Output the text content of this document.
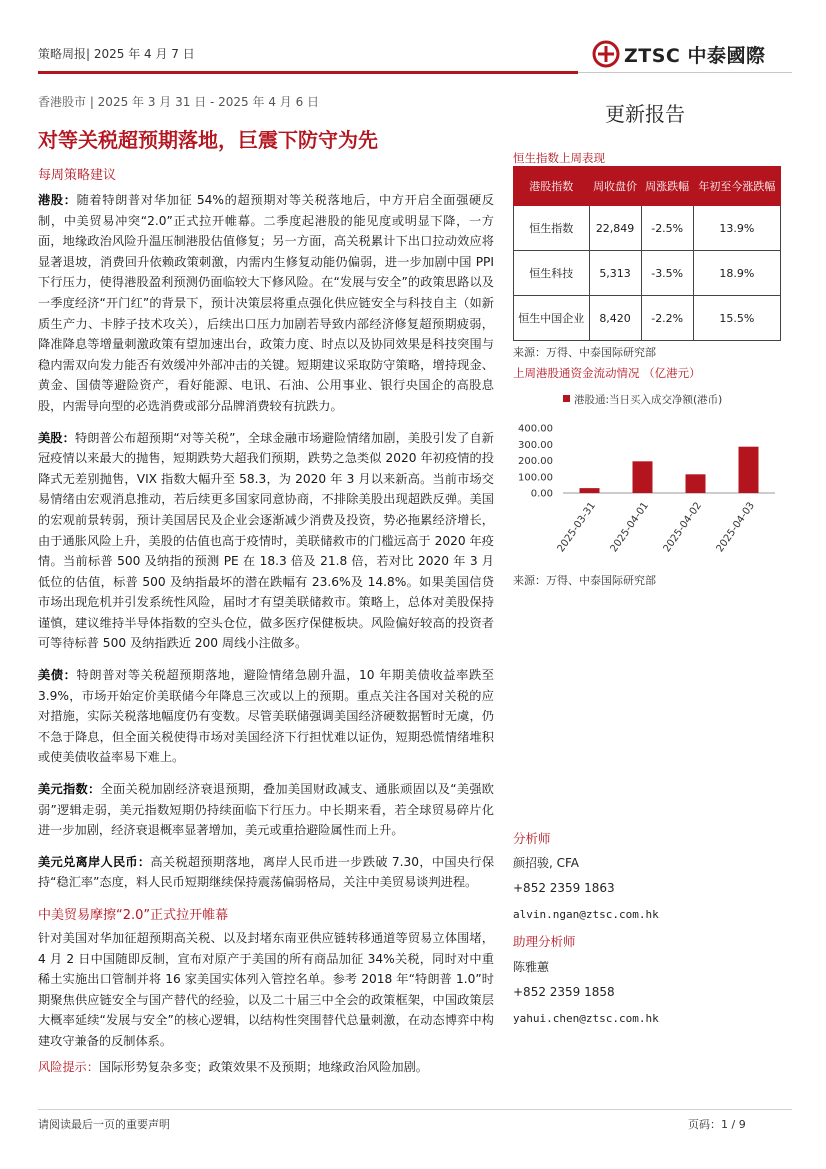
策略周报| 2025 年 4 月 7 日	ZTSC 中泰國際
香港股市 | 2025 年 3 月 31 日 - 2025 年 4 月 6 日	更新报告
对等关税超预期落地，巨震下防守为先
每周策略建议

港股：随着特朗普对华加征 54%的超预期对等关税落地后，中方开启全面强硬反制，中美贸易冲突“2.0”正式拉开帷幕。二季度起港股的能见度或明显下降，一方面，地缘政治风险升温压制港股估值修复；另一方面，高关税累计下出口拉动效应将显著退坡，消费回升依赖政策刺激，内需内生修复动能仍偏弱，进一步加剧中国 PPI 下行压力，使得港股盈利预测仍面临较大下修风险。在“发展与安全”的政策思路以及一季度经济“开门红”的背景下，预计决策层将重点强化供应链安全与科技自主（如新质生产力、卡脖子技术攻关），后续出口压力加剧若导致内部经济修复超预期疲弱，降准降息等增量刺激政策有望加速出台，政策力度、时点以及协同效果是科技突围与稳内需双向发力能否有效缓冲外部冲击的关键。短期建议采取防守策略，增持现金、黄金、国债等避险资产，看好能源、电讯、石油、公用事业、银行央国企的高股息股，内需导向型的必选消费或部分品牌消费较有抗跌力。

美股：特朗普公布超预期“对等关税”，全球金融市场避险情绪加剧，美股引发了自新冠疫情以来最大的抛售，短期跌势大超我们预期，跌势之急类似 2020 年初疫情的投降式无差别抛售，VIX 指数大幅升至 58.3，为 2020 年 3 月以来新高。当前市场交易情绪由宏观消息推动，若后续更多国家同意协商，不排除美股出现超跌反弹。美国的宏观前景转弱，预计美国居民及企业会逐渐减少消费及投资，势必拖累经济增长，由于通胀风险上升，美股的估值也高于疫情时，美联储救市的门槛远高于 2020 年疫情。当前标普 500 及纳指的预测 PE 在 18.3 倍及 21.8 倍，若对比 2020 年 3 月低位的估值，标普 500 及纳指最坏的潜在跌幅有 23.6%及 14.8%。如果美国信贷市场出现危机并引发系统性风险，届时才有望美联储救市。策略上，总体对美股保持谨慎，建议维持半导体指数的空头仓位，做多医疗保健板块。风险偏好较高的投资者可等待标普 500 及纳指跌近 200 周线小注做多。

美债：特朗普对等关税超预期落地，避险情绪急剧升温，10 年期美债收益率跌至 3.9%，市场开始定价美联储今年降息三次或以上的预期。重点关注各国对关税的应对措施，实际关税落地幅度仍有变数。尽管美联储强调美国经济硬数据暂时无虞，仍不急于降息，但全面关税使得市场对美国经济下行担忧难以证伪，短期恐慌情绪堆积或使美债收益率易下难上。

美元指数：全面关税加剧经济衰退预期，叠加美国财政减支、通胀顽固以及“美强欧弱”逻辑走弱，美元指数短期仍持续面临下行压力。中长期来看，若全球贸易碎片化进一步加剧，经济衰退概率显著增加，美元或重拾避险属性而上升。

美元兑离岸人民币：高关税超预期落地，离岸人民币进一步跌破 7.30，中国央行保持“稳汇率”态度，料人民币短期继续保持震荡偏弱格局，关注中美贸易谈判进程。

中美贸易摩擦“2.0”正式拉开帷幕
针对美国对华加征超预期高关税、以及封堵东南亚供应链转移通道等贸易立体围堵，4 月 2 日中国随即反制，宣布对原产于美国的所有商品加征 34%关税，同时对中重稀土实施出口管制并将 16 家美国实体列入管控名单。参考 2018 年“特朗普 1.0”时期聚焦供应链安全与国产替代的经验，以及二十届三中全会的政策框架，中国政策层大概率延续“发展与安全”的核心逻辑，以结构性突围替代总量刺激，在动态博弈中构建攻守兼备的反制体系。
风险提示：国际形势复杂多变；政策效果不及预期；地缘政治风险加剧。
恒生指数上周表现
港股指数	周收盘价	周涨跌幅	年初至今涨跌幅
恒生指数	22,849	-2.5%	13.9%
恒生科技	5,313	-3.5%	18.9%
恒生中国企业	8,420	-2.2%	15.5%
来源：万得、中泰国际研究部
上周港股通资金流动情况 （亿港元）
港股通:当日买入成交净额(港币)
400.00
300.00
200.00
100.00
0.00
2025-03-31 2025-04-01 2025-04-02 2025-04-03
来源：万得、中泰国际研究部
分析师
颜招骏, CFA
+852 2359 1863
alvin.ngan@ztsc.com.hk
助理分析师
陈雅蕙
+852 2359 1858
yahui.chen@ztsc.com.hk
请阅读最后一页的重要声明	页码：1 / 9
